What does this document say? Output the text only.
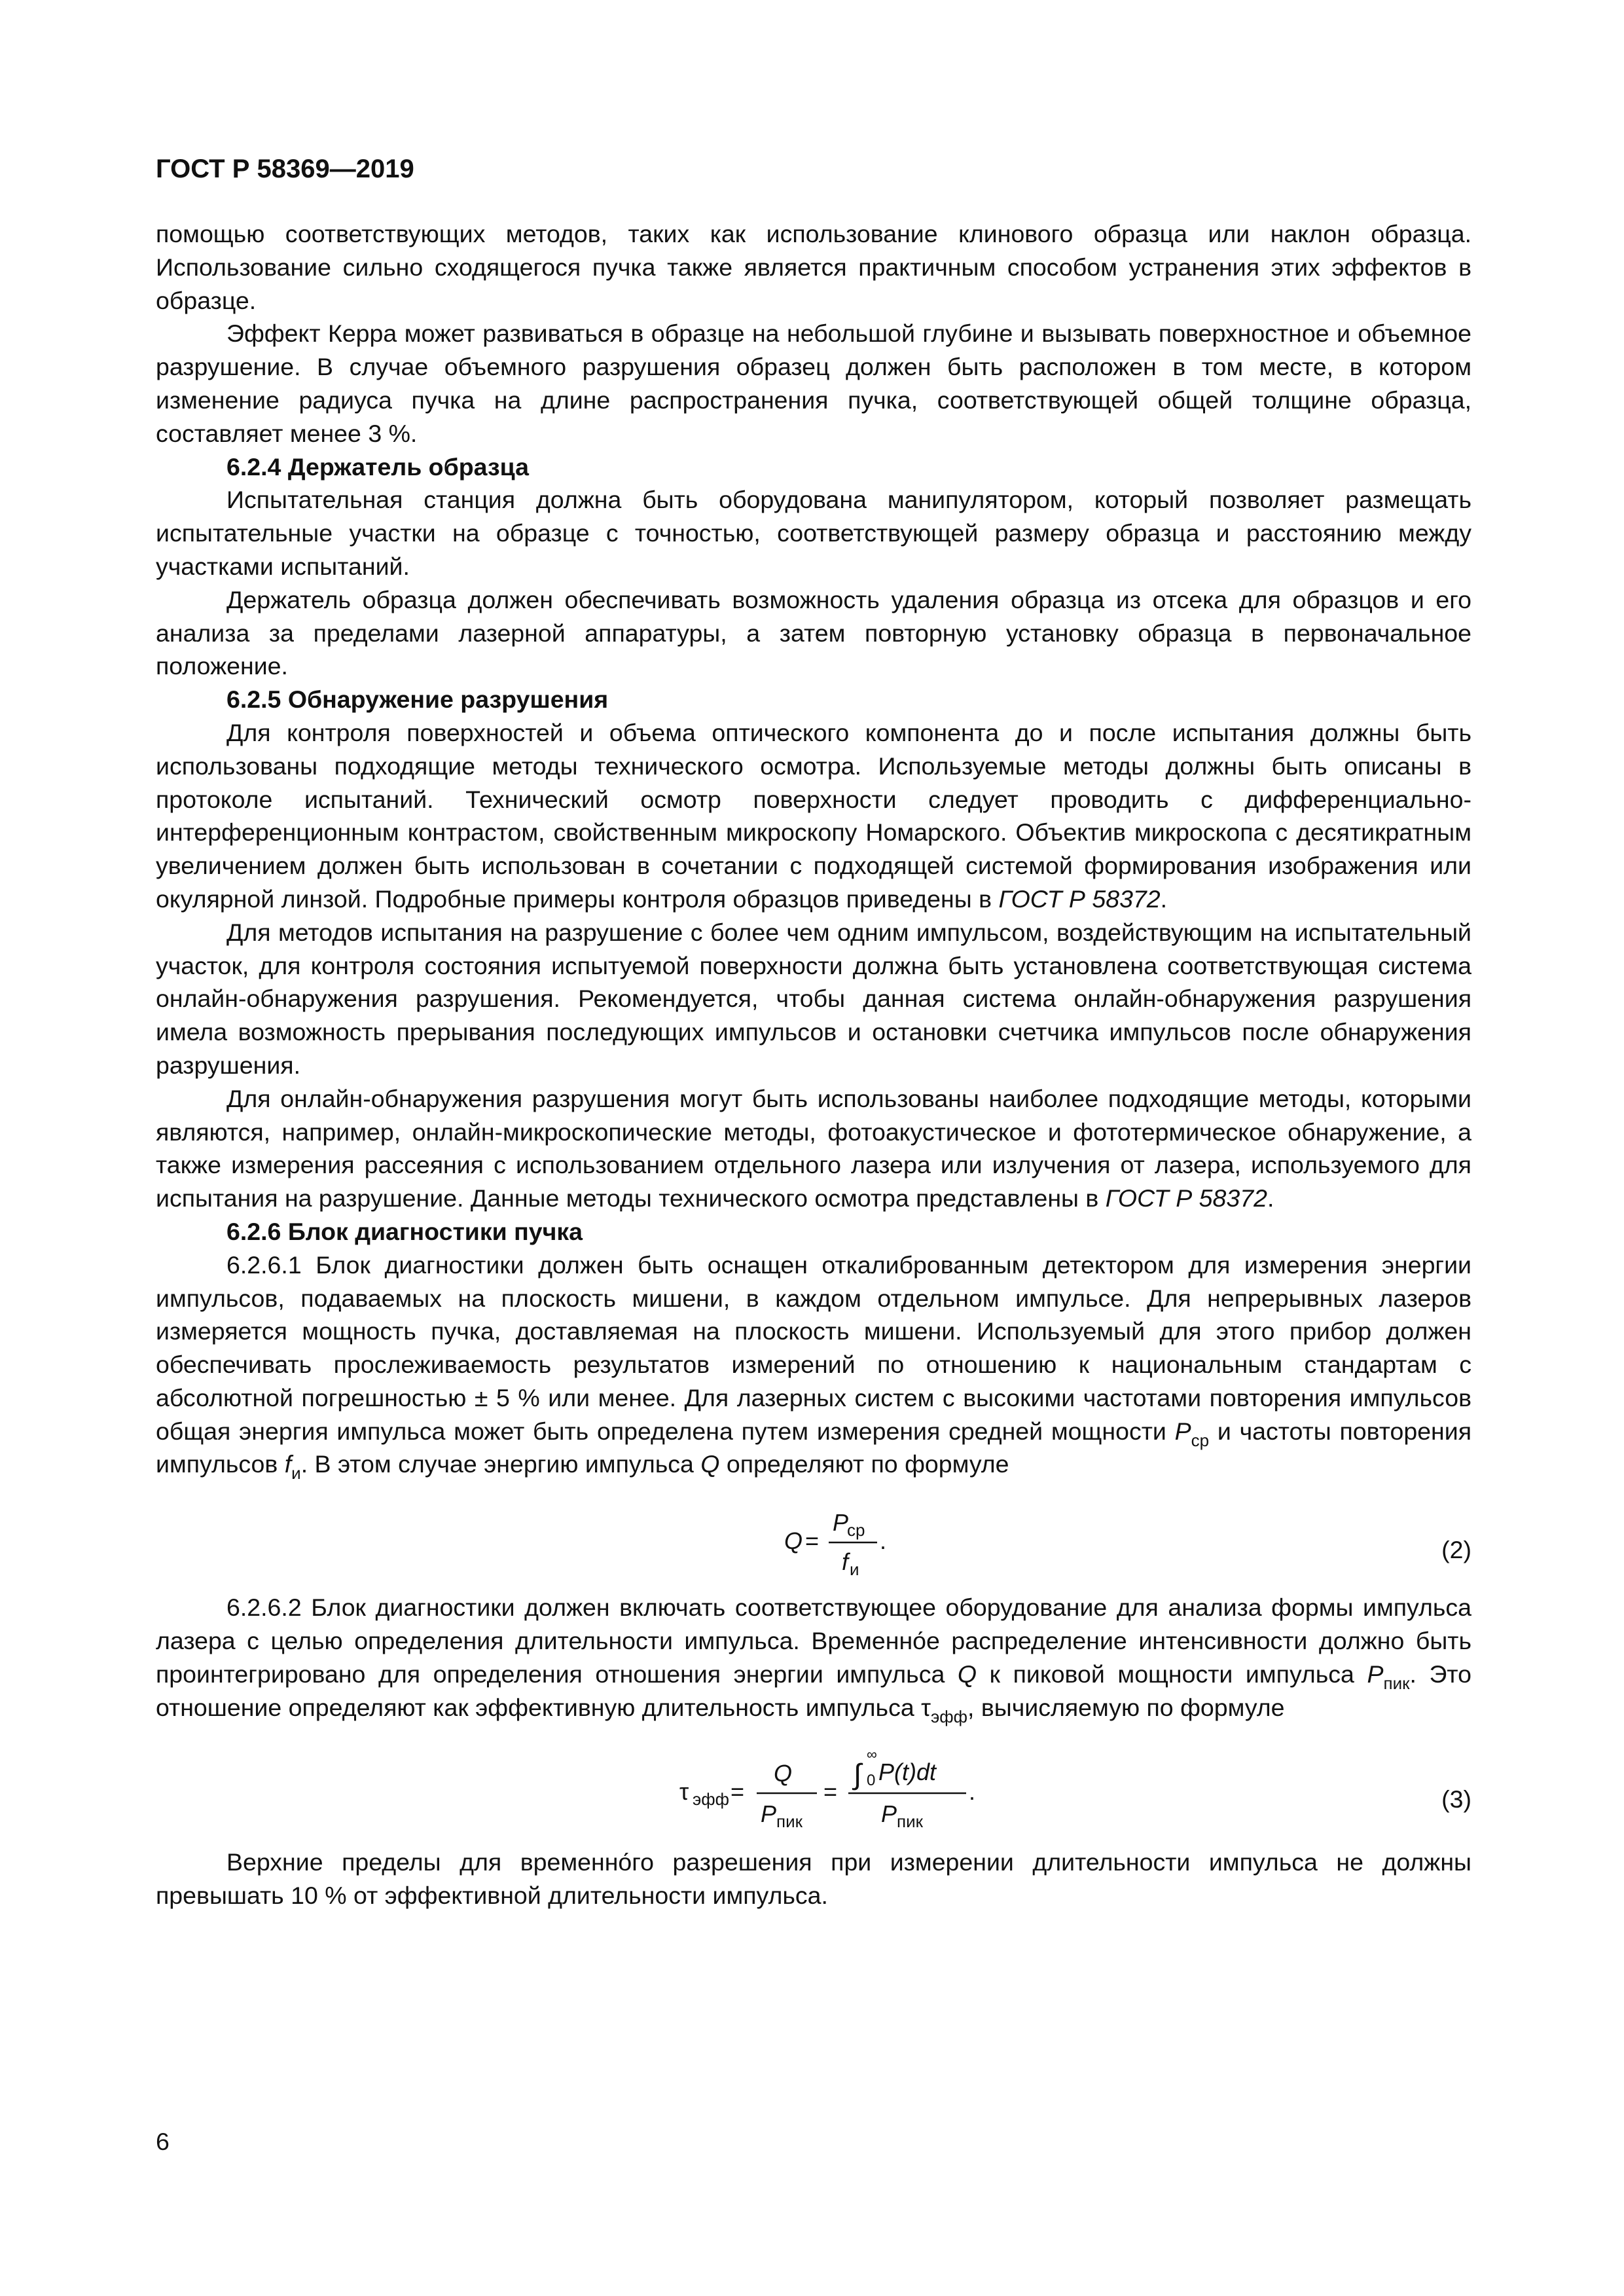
ГОСТ Р 58369—2019

помощью соответствующих методов, таких как использование клинового образца или наклон образца. Использование сильно сходящегося пучка также является практичным способом устранения этих эффектов в образце.

Эффект Керра может развиваться в образце на небольшой глубине и вызывать поверхностное и объемное разрушение. В случае объемного разрушения образец должен быть расположен в том месте, в котором изменение радиуса пучка на длине распространения пучка, соответствующей общей толщине образца, составляет менее 3 %.

6.2.4 Держатель образца

Испытательная станция должна быть оборудована манипулятором, который позволяет размещать испытательные участки на образце с точностью, соответствующей размеру образца и расстоянию между участками испытаний.

Держатель образца должен обеспечивать возможность удаления образца из отсека для образцов и его анализа за пределами лазерной аппаратуры, а затем повторную установку образца в первоначальное положение.

6.2.5 Обнаружение разрушения

Для контроля поверхностей и объема оптического компонента до и после испытания должны быть использованы подходящие методы технического осмотра. Используемые методы должны быть описаны в протоколе испытаний. Технический осмотр поверхности следует проводить с дифференциально-интерференционным контрастом, свойственным микроскопу Номарского. Объектив микроскопа с десятикратным увеличением должен быть использован в сочетании с подходящей системой формирования изображения или окулярной линзой. Подробные примеры контроля образцов приведены в ГОСТ Р 58372.

Для методов испытания на разрушение с более чем одним импульсом, воздействующим на испытательный участок, для контроля состояния испытуемой поверхности должна быть установлена соответствующая система онлайн-обнаружения разрушения. Рекомендуется, чтобы данная система онлайн-обнаружения разрушения имела возможность прерывания последующих импульсов и остановки счетчика импульсов после обнаружения разрушения.

Для онлайн-обнаружения разрушения могут быть использованы наиболее подходящие методы, которыми являются, например, онлайн-микроскопические методы, фотоакустическое и фототермическое обнаружение, а также измерения рассеяния с использованием отдельного лазера или излучения от лазера, используемого для испытания на разрушение. Данные методы технического осмотра представлены в ГОСТ Р 58372.

6.2.6 Блок диагностики пучка

6.2.6.1 Блок диагностики должен быть оснащен откалиброванным детектором для измерения энергии импульсов, подаваемых на плоскость мишени, в каждом отдельном импульсе. Для непрерывных лазеров измеряется мощность пучка, доставляемая на плоскость мишени. Используемый для этого прибор должен обеспечивать прослеживаемость результатов измерений по отношению к национальным стандартам с абсолютной погрешностью ± 5 % или менее. Для лазерных систем с высокими частотами повторения импульсов общая энергия импульса может быть определена путем измерения средней мощности $P_{ср}$ и частоты повторения импульсов $f_и$. В этом случае энергию импульса Q определяют по формуле

Q =
P
ср
f и
.	(2)

6.2.6.2 Блок диагностики должен включать соответствующее оборудование для анализа формы импульса лазера с целью определения длительности импульса. Временно́е распределение интенсивности должно быть проинтегрировано для определения отношения энергии импульса Q к пиковой мощности импульса $P_{пик}$. Это отношение определяют как эффективную длительность импульса $\tau_{эфф}$, вычисляемую по формуле

τ эфф =
Q
P пик
=
∫
∞
0 P(t)dt
P пик
.	(3)

Верхние пределы для временно́го разрешения при измерении длительности импульса не должны превышать 10 % от эффективной длительности импульса.

6
